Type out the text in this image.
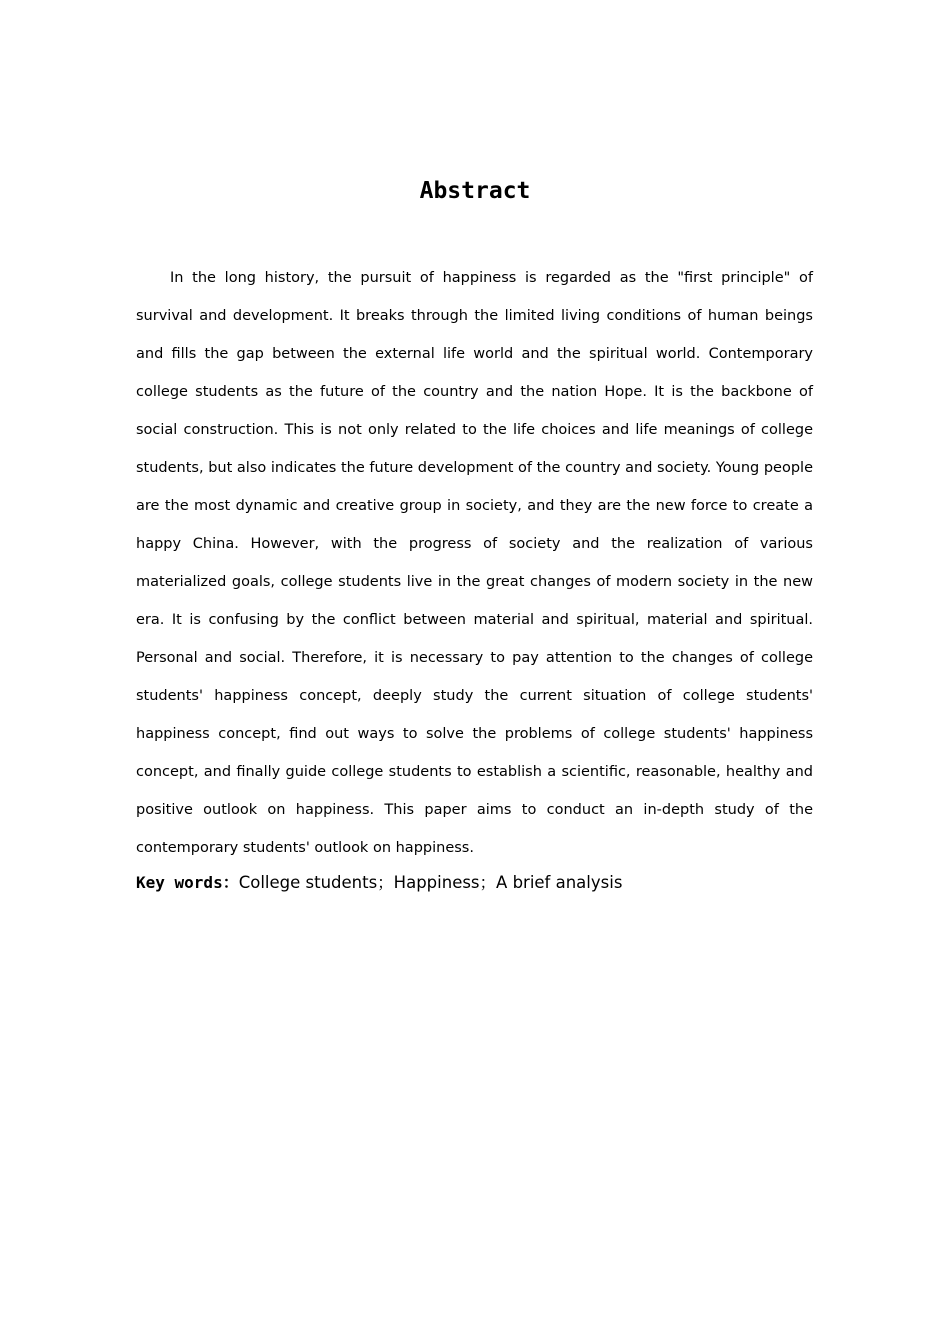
Abstract

In the long history, the pursuit of happiness is regarded as the "first principle" of survival and development. It breaks through the limited living conditions of human beings and fills the gap between the external life world and the spiritual world. Contemporary college students as the future of the country and the nation Hope. It is the backbone of social construction. This is not only related to the life choices and life meanings of college students, but also indicates the future development of the country and society. Young people are the most dynamic and creative group in society, and they are the new force to create a happy China. However, with the progress of society and the realization of various materialized goals, college students live in the great changes of modern society in the new era. It is confusing by the conflict between material and spiritual, material and spiritual. Personal and social. Therefore, it is necessary to pay attention to the changes of college students' happiness concept, deeply study the current situation of college students' happiness concept, find out ways to solve the problems of college students' happiness concept, and finally guide college students to establish a scientific, reasonable, healthy and positive outlook on happiness. This paper aims to conduct an in-depth study of the contemporary students' outlook on happiness.

Key words：College students；Happiness；A brief analysis
